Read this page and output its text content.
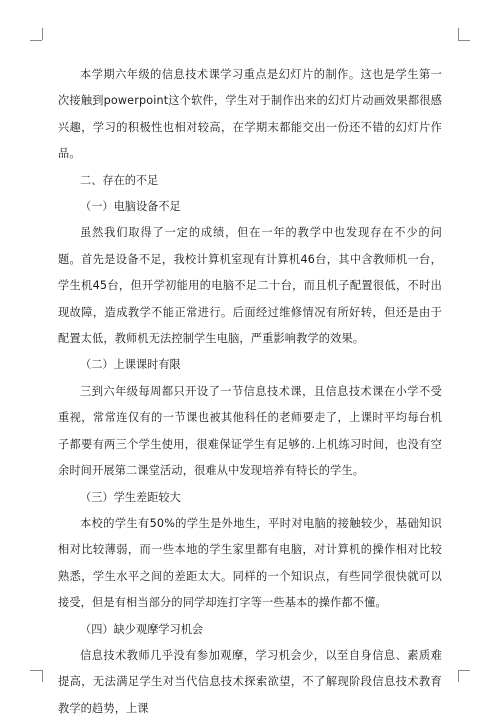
本学期六年级的信息技术课学习重点是幻灯片的制作。这也是学生第一次接触到powerpoint这个软件，学生对于制作出来的幻灯片动画效果都很感兴趣，学习的积极性也相对较高，在学期末都能交出一份还不错的幻灯片作品。

二、存在的不足

（一）电脑设备不足

虽然我们取得了一定的成绩，但在一年的教学中也发现存在不少的问题。首先是设备不足，我校计算机室现有计算机46台，其中含教师机一台，学生机45台，但开学初能用的电脑不足二十台，而且机子配置很低，不时出现故障，造成教学不能正常进行。后面经过维修情况有所好转，但还是由于配置太低，教师机无法控制学生电脑，严重影响教学的效果。

（二）上课课时有限

三到六年级每周都只开设了一节信息技术课，且信息技术课在小学不受重视，常常连仅有的一节课也被其他科任的老师要走了，上课时平均每台机子都要有两三个学生使用，很难保证学生有足够的.上机练习时间，也没有空余时间开展第二课堂活动，很难从中发现培养有特长的学生。

（三）学生差距较大

本校的学生有50%的学生是外地生，平时对电脑的接触较少，基础知识相对比较薄弱，而一些本地的学生家里都有电脑，对计算机的操作相对比较熟悉，学生水平之间的差距太大。同样的一个知识点，有些同学很快就可以接受，但是有相当部分的同学却连打字等一些基本的操作都不懂。

（四）缺少观摩学习机会

信息技术教师几乎没有参加观摩，学习机会少，以至自身信息、素质难提高，无法满足学生对当代信息技术探索欲望，不了解现阶段信息技术教育教学的趋势，上课
